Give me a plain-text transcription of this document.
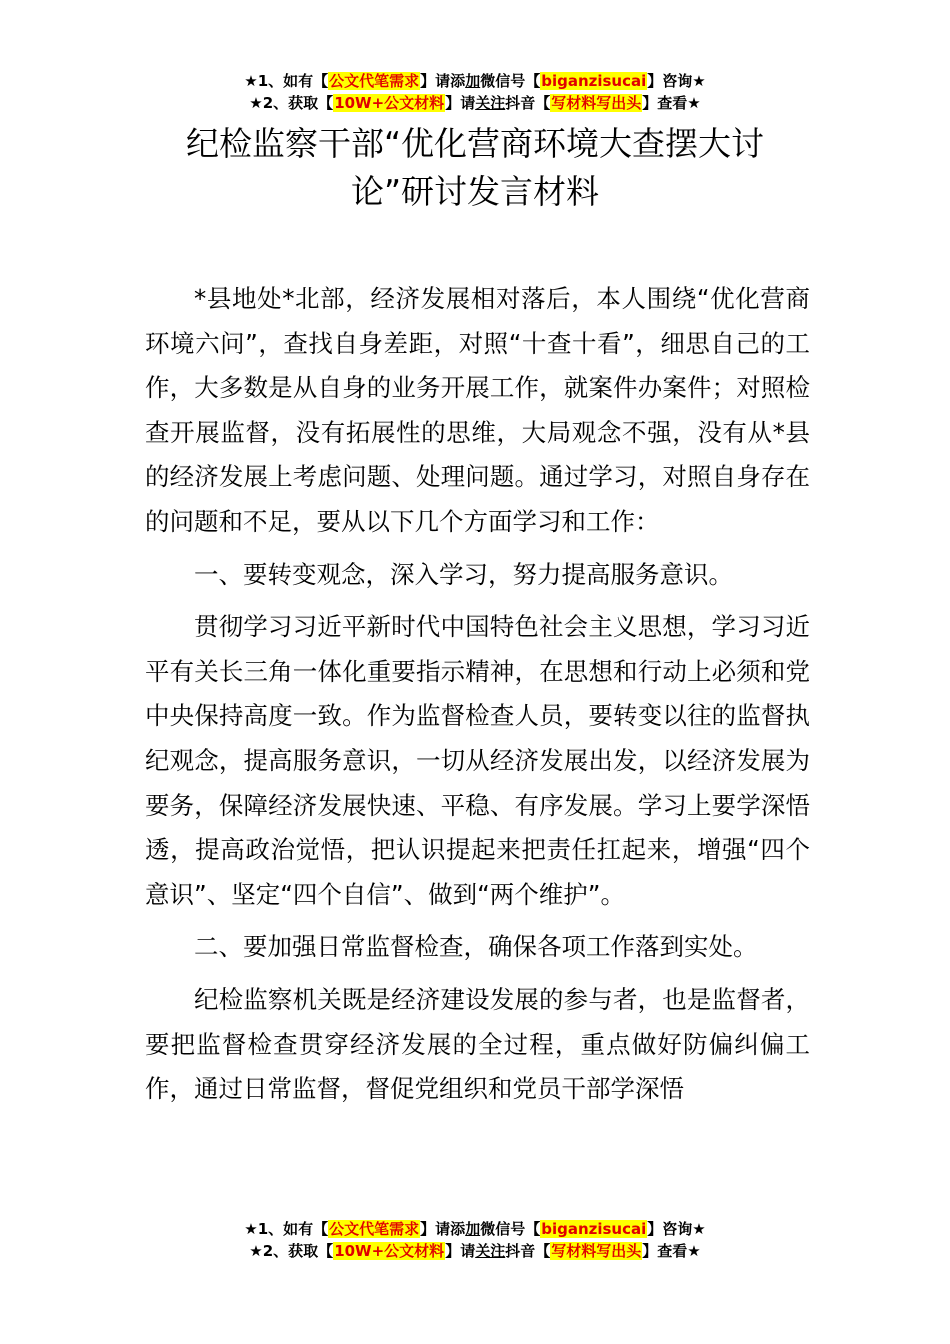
★1、如有【公文代笔需求】请添加微信号【biganzisucai】咨询★
★2、获取【10W+公文材料】请关注抖音【写材料写出头】查看★
纪检监察干部“优化营商环境大查摆大讨论”研讨发言材料

*县地处*北部，经济发展相对落后，本人围绕“优化营商环境六问”，查找自身差距，对照“十查十看”，细思自己的工作，大多数是从自身的业务开展工作，就案件办案件；对照检查开展监督，没有拓展性的思维，大局观念不强，没有从*县的经济发展上考虑问题、处理问题。通过学习，对照自身存在的问题和不足，要从以下几个方面学习和工作：

一、要转变观念，深入学习，努力提高服务意识。

贯彻学习习近平新时代中国特色社会主义思想，学习习近平有关长三角一体化重要指示精神，在思想和行动上必须和党中央保持高度一致。作为监督检查人员，要转变以往的监督执纪观念，提高服务意识，一切从经济发展出发，以经济发展为要务，保障经济发展快速、平稳、有序发展。学习上要学深悟透，提高政治觉悟，把认识提起来把责任扛起来，增强“四个意识”、坚定“四个自信”、做到“两个维护”。

二、要加强日常监督检查，确保各项工作落到实处。

纪检监察机关既是经济建设发展的参与者，也是监督者，要把监督检查贯穿经济发展的全过程，重点做好防偏纠偏工作，通过日常监督，督促党组织和党员干部学深悟

★1、如有【公文代笔需求】请添加微信号【biganzisucai】咨询★
★2、获取【10W+公文材料】请关注抖音【写材料写出头】查看★
